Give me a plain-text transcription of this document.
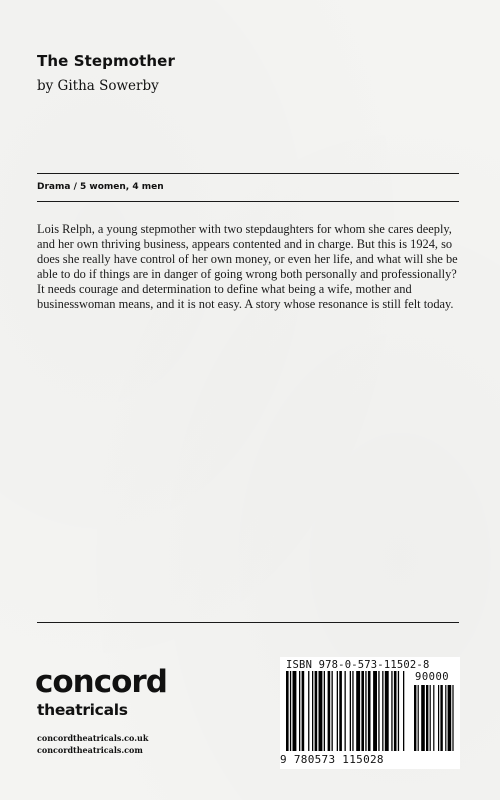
The Stepmother
by Githa Sowerby
Drama / 5 women, 4 men

Lois Relph, a young stepmother with two stepdaughters for whom she cares deeply, and her own thriving business, appears contented and in charge. But this is 1924, so does she really have control of her own money, or even her life, and what will she be able to do if things are in danger of going wrong both personally and professionally? It needs courage and determination to define what being a wife, mother and businesswoman means, and it is not easy. A story whose resonance is still felt today.

concord
theatricals
concordtheatricals.co.uk
concordtheatricals.com
ISBN 978-0-573-11502-8
90000
9 780573 115028
